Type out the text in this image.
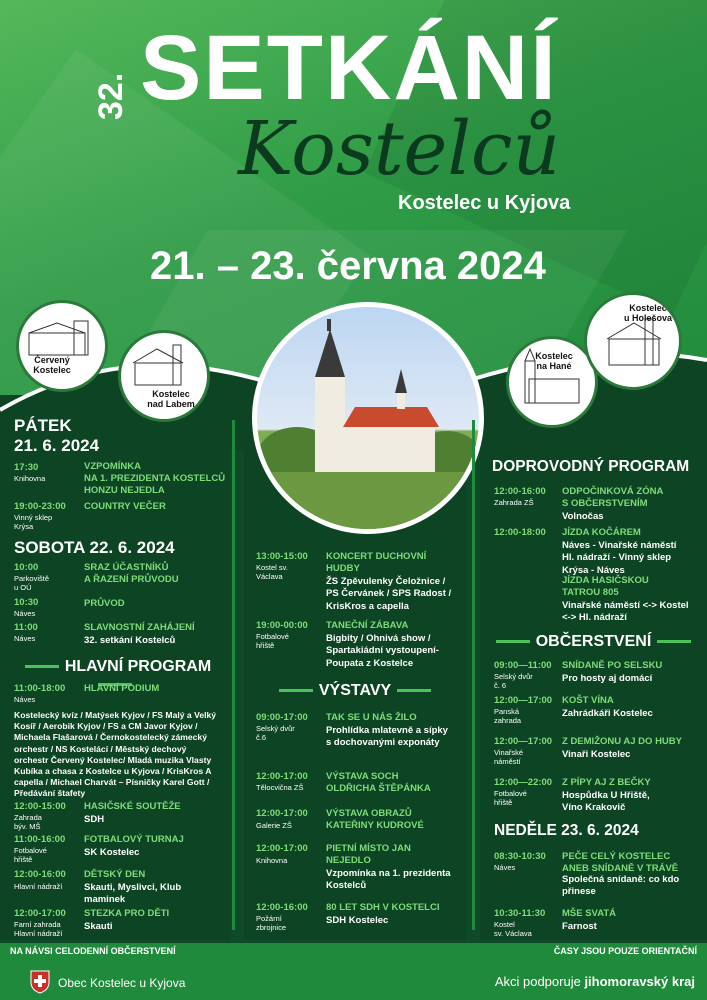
32. SETKÁNÍ
Kostelců
Kostelec u Kyjova
21. – 23. června 2024
Červený
Kostelec
Kostelec
nad Labem
Kostelec
na Hané
Kostelec
u Holešova
PÁTEK
21. 6. 2024
17:30
Knihovna
VZPOMÍNKA
NA 1. PREZIDENTA KOSTELCŮ
HONZU NEJEDLA
19:00-23:00
Vinný sklep
Krýsa
COUNTRY VEČER
SOBOTA 22. 6. 2024
10:00
Parkoviště
u OÚ
SRAZ ÚČASTNÍKŮ
A ŘAZENÍ PRŮVODU
10:30
Náves
PRŮVOD
11:00
Náves
SLAVNOSTNÍ ZAHÁJENÍ
32. setkání Kostelců
HLAVNÍ PROGRAM
11:00-18:00
Náves
HLAVNÍ PODIUM
Kostelecký kvíz / Matýsek Kyjov / FS Malý a Velký Kosíř / Aerobik Kyjov / FS a CM Javor Kyjov / Michaela Flašarová / Černokostelecký zámecký orchestr / NS Kostelácí / Městský dechový orchestr Červený Kostelec/ Mladá muzika Vlasty Kubíka a chasa z Kostelce u Kyjova / KrisKros A capella / Michael Charvát – Písničky Karel Gott / Předávání štafety
12:00-15:00
Zahrada
býv. MŠ
HASIČSKÉ SOUTĚŽE
SDH
11:00-16:00
Fotbalové
hřiště
FOTBALOVÝ TURNAJ
SK Kostelec
12:00-16:00
Hlavní nádraží
DĚTSKÝ DEN
Skauti, Myslivci, Klub
maminek
12:00-17:00
Farní zahrada
Hlavní nádraží
STEZKA PRO DĚTI
Skauti
13:00-15:00
Kostel sv.
Václava
KONCERT DUCHOVNÍ
HUDBY
ŽS Zpěvulenky Čeložnice /
PS Červánek / SPS Radost /
KrisKros a capella
19:00-00:00
Fotbalové
hřiště
TANEČNÍ ZÁBAVA
Bigbity / Ohnivá show /
Spartakiádní vystoupení-
Poupata z Kostelce
VÝSTAVY
09:00-17:00
Selský dvůr
č.6
TAK SE U NÁS ŽILO
Prohlídka mlatevně a sípky
s dochovanými exponáty
12:00-17:00
Tělocvična ZŠ
VÝSTAVA SOCH
OLDŘICHA ŠTĚPÁNKA
12:00-17:00
Galerie ZŠ
VÝSTAVA OBRAZŮ
KATEŘINY KUDROVÉ
12:00-17:00
Knihovna
PIETNÍ MÍSTO JAN
NEJEDLO
Vzpomínka na 1. prezidenta
Kostelců
12:00-16:00
Požární
zbrojnice
80 LET SDH V KOSTELCI
SDH Kostelec
DOPROVODNÝ PROGRAM
12:00-16:00
Zahrada ZŠ
ODPOČINKOVÁ ZÓNA
S OBČERSTVENÍM
Volnočas
12:00-18:00 JÍZDA KOČÁREM
Náves - Vinařské náměstí
Hl. nádraží - Vinný sklep
Krýsa - Náves
JÍZDA HASIČSKOU
TATROU 805
Vinařské náměstí <-> Kostel
<-> Hl. nádraží
OBČERSTVENÍ
09:00—11:00
Selský dvůr
č. 6
SNÍDANĚ PO SELSKU
Pro hosty aj domácí
12:00—17:00
Panská
zahrada
KOŠT VÍNA
Zahrádkáři Kostelec
12:00—17:00
Vinařské
náměstí
Z DEMIŽONU AJ DO HUBY
Vinaři Kostelec
12:00—22:00
Fotbalové
hřiště
Z PÍPY AJ Z BEČKY
Hospůdka U Hřiště,
Víno Krakovič
NEDĚLE 23. 6. 2024
08:30-10:30
Náves
PEČE CELÝ KOSTELEC
ANEB SNÍDANĚ V TRÁVĚ
Společná snídaně: co kdo
přinese
10:30-11:30
Kostel
sv. Václava
MŠE SVATÁ
Farnost
NA NÁVSI CELODENNÍ OBČERSTVENÍ	ČASY JSOU POUZE ORIENTAČNÍ
Obec Kostelec u Kyjova	Akci podporuje jihomoravský kraj
